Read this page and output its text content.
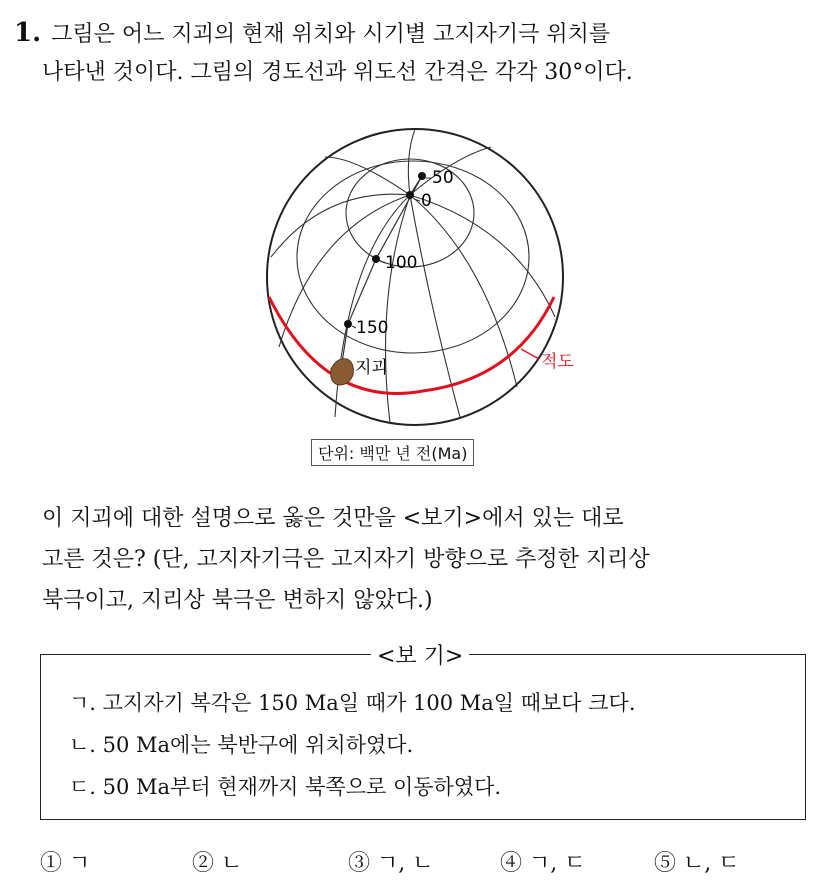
1. 그림은 어느 지괴의 현재 위치와 시기별 고지자기극 위치를
나타낸 것이다. 그림의 경도선과 위도선 간격은 각각 30°이다.
적도
0
50
100
150
지괴
단위: 백만 년 전(Ma)
이 지괴에 대한 설명으로 옳은 것만을 <보기>에서 있는 대로
고른 것은? (단, 고지자기극은 고지자기 방향으로 추정한 지리상
북극이고, 지리상 북극은 변하지 않았다.)
<보 기>
ㄱ. 고지자기 복각은 150 Ma일 때가 100 Ma일 때보다 크다.
ㄴ. 50 Ma에는 북반구에 위치하였다.
ㄷ. 50 Ma부터 현재까지 북쪽으로 이동하였다.
① ㄱ	② ㄴ	③ ㄱ, ㄴ	④ ㄱ, ㄷ	⑤ ㄴ, ㄷ
